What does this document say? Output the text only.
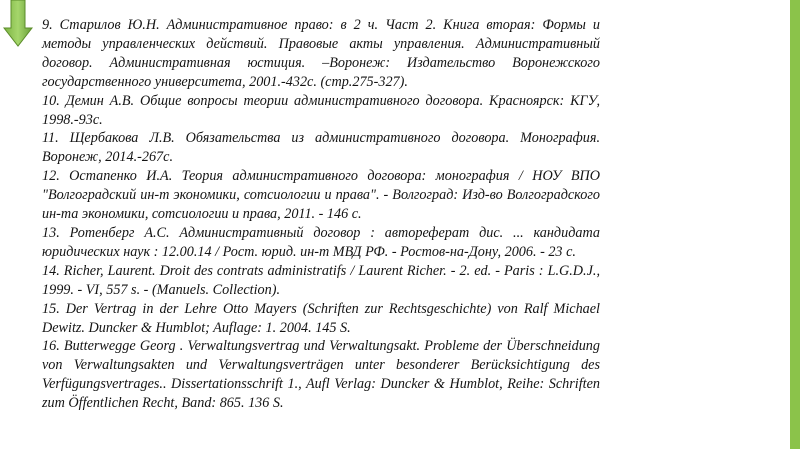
9. Старилов Ю.Н. Административное право: в 2 ч. Част 2. Книга вторая: Формы и методы управленческих действий. Правовые акты управления. Административный договор. Административная юстиция. –Воронеж: Издательство Воронежского государственного университета, 2001.-432с. (стр.275-327).

10. Демин А.В. Общие вопросы теории административного договора. Красноярск: КГУ, 1998.-93с.

11. Щербакова Л.В. Обязательства из административного договора. Монография. Воронеж, 2014.-267с.

12. Остапенко И.А. Теория административного договора: монография / НОУ ВПО "Волгоградский ин-т экономики, сотсиологии и права". - Волгоград: Изд-во Волгоградского ин-та экономики, сотсиологии и права, 2011. - 146 с.

13. Ротенберг А.С. Административный договор : автореферат дис. ... кандидата юридических наук : 12.00.14 / Рост. юрид. ин-т МВД РФ. - Ростов-на-Дону, 2006. - 23 с.

14. Richer, Laurent. Droit des contrats administratifs / Laurent Richer. - 2. ed. - Paris : L.G.D.J., 1999. - VI, 557 s. - (Manuels. Collection).

15. Der Vertrag in der Lehre Otto Mayers (Schriften zur Rechtsgeschichte) von Ralf Michael Dewitz. Duncker & Humblot; Auflage: 1. 2004. 145 S.

16. Butterwegge Georg . Verwaltungsvertrag und Verwaltungsakt. Probleme der Überschneidung von Verwaltungsakten und Verwaltungsverträgen unter besonderer Berücksichtigung des Verfügungsvertrages.. Dissertationsschrift 1., Aufl Verlag: Duncker & Humblot, Reihe: Schriften zum Öffentlichen Recht, Band: 865. 136 S.
